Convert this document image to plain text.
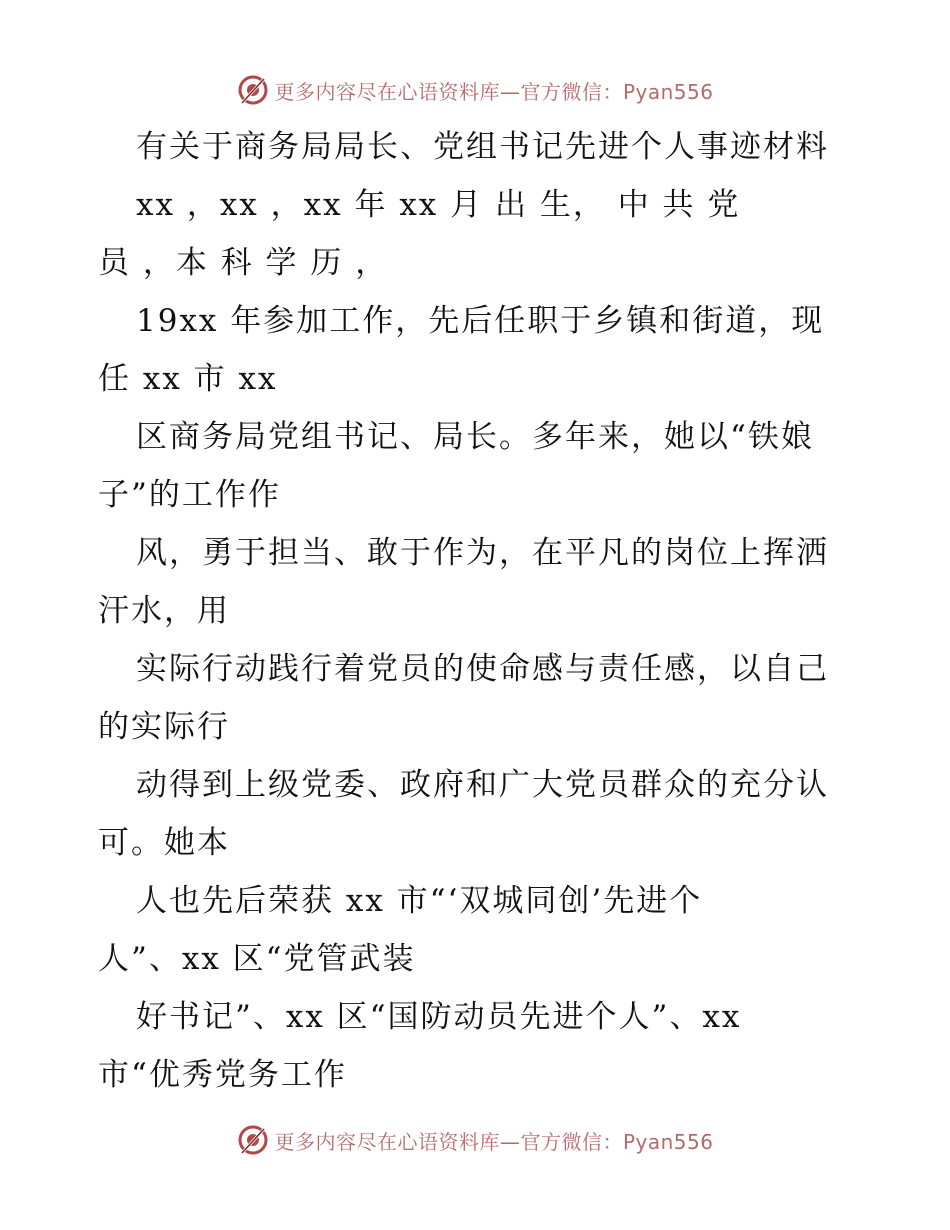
更多内容尽在心语资料库—官方微信：Pyan556
有关于商务局局长、党组书记先进个人事迹材料
xx ，xx ，xx 年 xx 月 出 生， 中 共 党
员 ，本 科 学 历 ，
19xx 年参加工作，先后任职于乡镇和街道，现
任 xx 市 xx
区商务局党组书记、局长。多年来，她以“铁娘
子”的工作作
风，勇于担当、敢于作为，在平凡的岗位上挥洒
汗水，用
实际行动践行着党员的使命感与责任感，以自己
的实际行
动得到上级党委、政府和广大党员群众的充分认
可。她本
人也先后荣获 xx 市“‘双城同创’先进个
人”、xx 区“党管武装
好书记”、xx 区“国防动员先进个人”、xx
市“优秀党务工作
更多内容尽在心语资料库—官方微信：Pyan556
